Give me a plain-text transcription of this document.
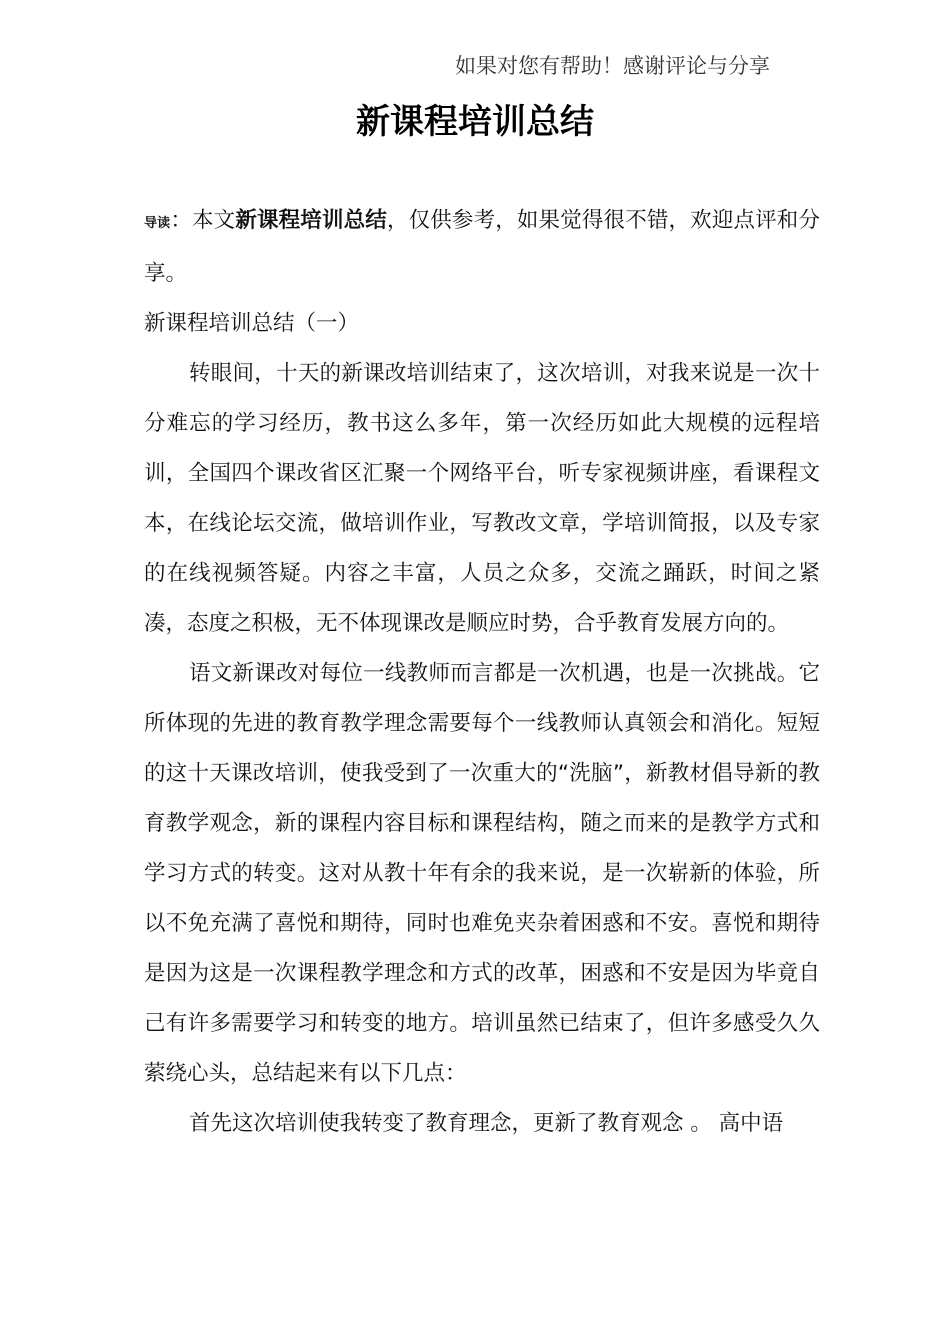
如果对您有帮助！感谢评论与分享
新课程培训总结

导读：本文新课程培训总结，仅供参考，如果觉得很不错，欢迎点评和分享。

新课程培训总结（一）

转眼间，十天的新课改培训结束了，这次培训，对我来说是一次十分难忘的学习经历，教书这么多年，第一次经历如此大规模的远程培训，全国四个课改省区汇聚一个网络平台，听专家视频讲座，看课程文本，在线论坛交流，做培训作业，写教改文章，学培训简报，以及专家的在线视频答疑。内容之丰富，人员之众多，交流之踊跃，时间之紧凑，态度之积极，无不体现课改是顺应时势，合乎教育发展方向的。

语文新课改对每位一线教师而言都是一次机遇，也是一次挑战。它所体现的先进的教育教学理念需要每个一线教师认真领会和消化。短短的这十天课改培训，使我受到了一次重大的“洗脑”，新教材倡导新的教育教学观念，新的课程内容目标和课程结构，随之而来的是教学方式和学习方式的转变。这对从教十年有余的我来说，是一次崭新的体验，所以不免充满了喜悦和期待，同时也难免夹杂着困惑和不安。喜悦和期待是因为这是一次课程教学理念和方式的改革，困惑和不安是因为毕竟自己有许多需要学习和转变的地方。培训虽然已结束了，但许多感受久久萦绕心头，总结起来有以下几点：

首先这次培训使我转变了教育理念，更新了教育观念 。 高中语
